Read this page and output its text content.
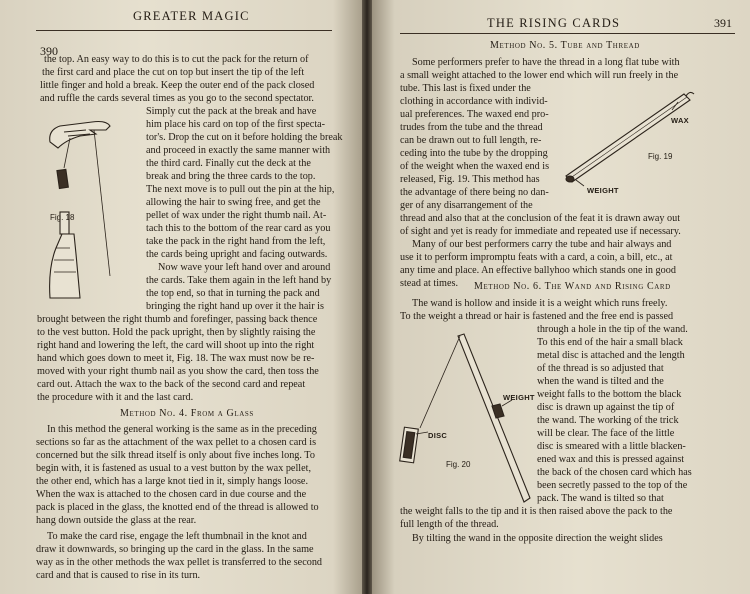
GREATER MAGIC
390
the top. An easy way to do this is to cut the pack for the return of
the first card and place the cut on top but insert the tip of the left
little finger and hold a break. Keep the outer end of the pack closed
and ruffle the cards several times as you go to the second spectator.
Simply cut the pack at the break and have
him place his card on top of the first specta-
tor's. Drop the cut on it before holding the break
and proceed in exactly the same manner with
the third card. Finally cut the deck at the
break and bring the three cards to the top.
The next move is to pull out the pin at the hip,
allowing the hair to swing free, and get the
pellet of wax under the right thumb nail. At-
tach this to the bottom of the rear card as you
take the pack in the right hand from the left,
the cards being upright and facing outwards.
Now wave your left hand over and around
the cards. Take them again in the left hand by
the top end, so that in turning the pack and
bringing the right hand up over it the hair is
brought between the right thumb and forefinger, passing back thence
to the vest button. Hold the pack upright, then by slightly raising the
right hand and lowering the left, the card will shoot up into the right
hand which goes down to meet it, Fig. 18. The wax must now be re-
moved with your right thumb nail as you show the card, then toss the
card out. Attach the wax to the back of the second card and repeat
the procedure with it and the last card.
Method No. 4. From a Glass
In this method the general working is the same as in the preceding
sections so far as the attachment of the wax pellet to a chosen card is
concerned but the silk thread itself is only about five inches long. To
begin with, it is fastened as usual to a vest button by the wax pellet,
the other end, which has a large knot tied in it, simply hangs loose.
When the wax is attached to the chosen card in due course and the
pack is placed in the glass, the knotted end of the thread is allowed to
hang down outside the glass at the rear.
To make the card rise, engage the left thumbnail in the knot and
draw it downwards, so bringing up the card in the glass. In the same
way as in the other methods the wax pellet is transferred to the second
card and that is caused to rise in its turn.
Fig. 18
THE RISING CARDS	391
Method No. 5. Tube and Thread
Some performers prefer to have the thread in a long flat tube with
a small weight attached to the lower end which will run freely in the
tube. This last is fixed under the
clothing in accordance with individ-
ual preferences. The waxed end pro-
trudes from the tube and the thread
can be drawn out to full length, re-
ceding into the tube by the dropping
of the weight when the waxed end is
released, Fig. 19. This method has
the advantage of there being no dan-
ger of any disarrangement of the
thread and also that at the conclusion of the feat it is drawn away out
of sight and yet is ready for immediate and repeated use if necessary.
Many of our best performers carry the tube and hair always and
use it to perform impromptu feats with a card, a coin, a bill, etc., at
any time and place. An effective ballyhoo which stands one in good
stead at times.
WAX
WEIGHT
Fig. 19
Method No. 6. The Wand and Rising Card
The wand is hollow and inside it is a weight which runs freely.
To the weight a thread or hair is fastened and the free end is passed
through a hole in the tip of the wand.
To this end of the hair a small black
metal disc is attached and the length
of the thread is so adjusted that
when the wand is tilted and the
weight falls to the bottom the black
disc is drawn up against the tip of
the wand. The working of the trick
will be clear. The face of the little
disc is smeared with a little blacken-
ened wax and this is pressed against
the back of the chosen card which has
been secretly passed to the top of the
pack. The wand is tilted so that
the weight falls to the tip and it is then raised above the pack to the
full length of the thread.
By tilting the wand in the opposite direction the weight slides
DISC
WEIGHT
Fig. 20
